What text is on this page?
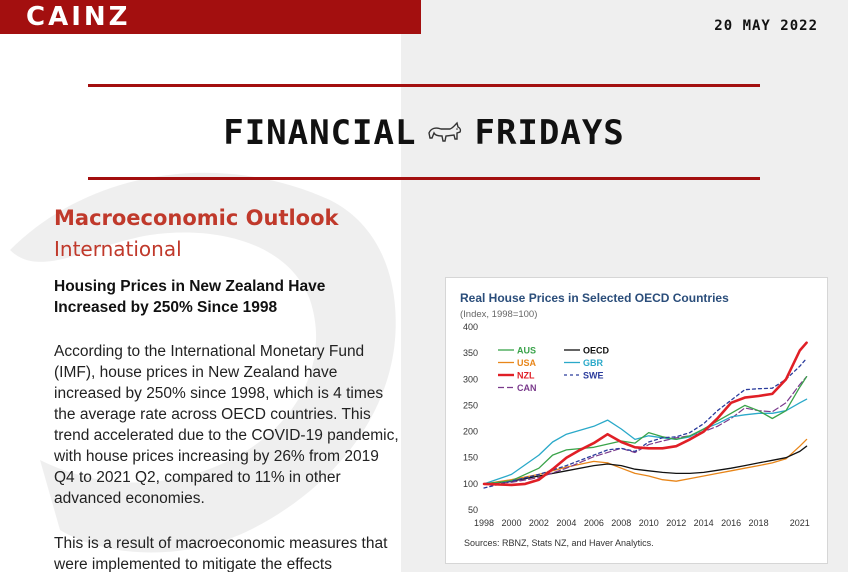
CAINZ	20 MAY 2022
FINANCIAL FRIDAYS
Macroeconomic Outlook
International
Housing Prices in New Zealand Have Increased by 250% Since 1998
According to the International Monetary Fund (IMF), house prices in New Zealand have increased by 250% since 1998, which is 4 times the average rate across OECD countries. This trend accelerated due to the COVID-19 pandemic, with house prices increasing by 26% from 2019 Q4 to 2021 Q2, compared to 11% in other advanced economies.
This is a result of macroeconomic measures that were implemented to mitigate the effects
Real House Prices in Selected OECD Countries
(Index, 1998=100)
50
100
150
200
250
300
350
400
1998 2000 2002 2004 2006 2008 2010 2012 2014 2016 2018 2021
AUS
USA
NZL
CAN
OECD
GBR
SWE
Sources: RBNZ, Stats NZ, and Haver Analytics.
